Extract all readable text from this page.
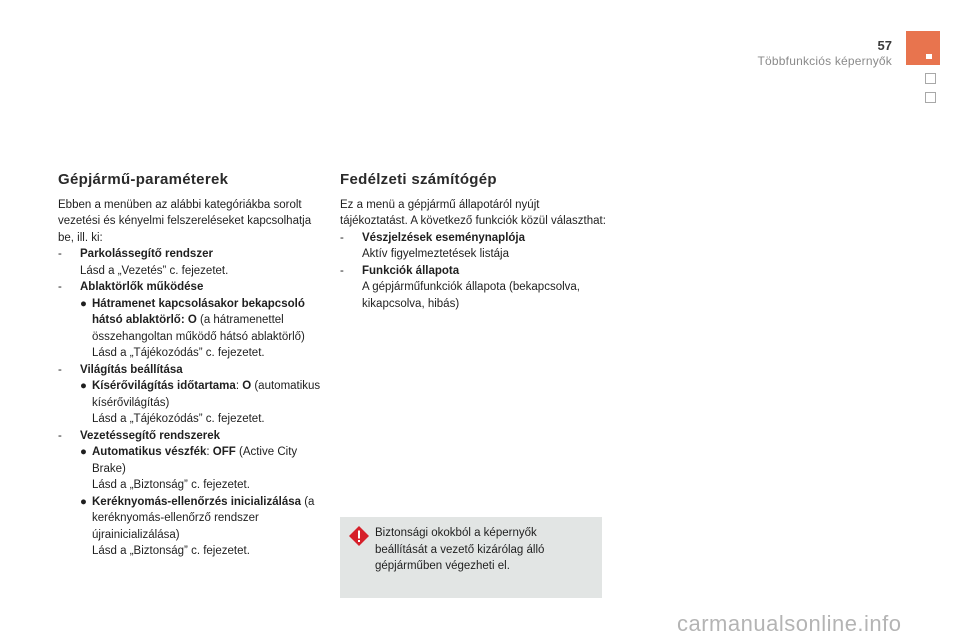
57
Többfunkciós képernyők
Gépjármű-paraméterek

Ebben a menüben az alábbi kategóriákba sorolt vezetési és kényelmi felszereléseket kapcsolhatja be, ill. ki:

- Parkolássegítő rendszer
Lásd a „Vezetés” c. fejezetet.
- Ablaktörlők működése
● Hátramenet kapcsolásakor bekapcsoló hátsó ablaktörlő: O (a hátramenettel összehangoltan működő hátsó ablaktörlő)
Lásd a „Tájékozódás” c. fejezetet.
- Világítás beállítása
● Kísérővilágítás időtartama: O (automatikus kísérővilágítás)
Lásd a „Tájékozódás” c. fejezetet.
- Vezetéssegítő rendszerek
● Automatikus vészfék: OFF (Active City Brake)
Lásd a „Biztonság” c. fejezetet.
● Keréknyomás-ellenőrzés inicializálása (a keréknyomás-ellenőrző rendszer újrainicializálása)
Lásd a „Biztonság” c. fejezetet.
Fedélzeti számítógép

Ez a menü a gépjármű állapotáról nyújt tájékoztatást. A következő funkciók közül választhat:

- Vészjelzések eseménynaplója
Aktív figyelmeztetések listája
- Funkciók állapota
A gépjárműfunkciók állapota (bekapcsolva, kikapcsolva, hibás)
Biztonsági okokból a képernyők beállítását a vezető kizárólag álló gépjárműben végezheti el.
carmanualsonline.info
